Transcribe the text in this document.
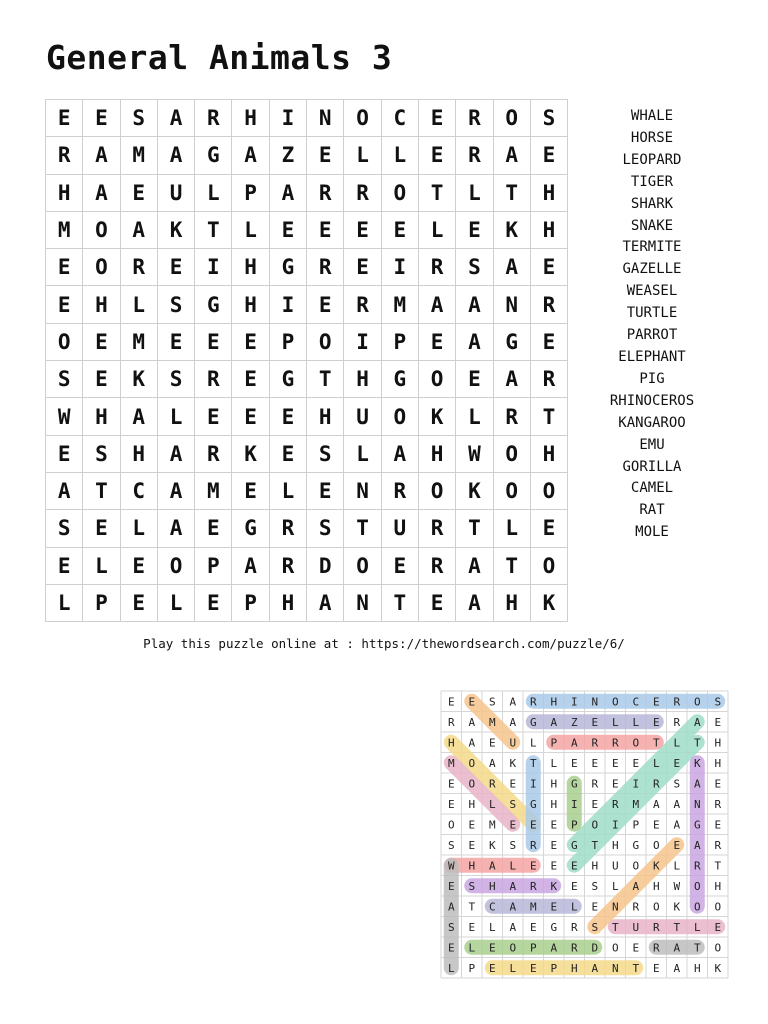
General Animals 3
E	E	S	A	R	H	I	N	O	C	E	R	O	S
R	A	M	A	G	A	Z	E	L	L	E	R	A	E
H	A	E	U	L	P	A	R	R	O	T	L	T	H
M	O	A	K	T	L	E	E	E	E	L	E	K	H
E	O	R	E	I	H	G	R	E	I	R	S	A	E
E	H	L	S	G	H	I	E	R	M	A	A	N	R
O	E	M	E	E	E	P	O	I	P	E	A	G	E
S	E	K	S	R	E	G	T	H	G	O	E	A	R
W	H	A	L	E	E	E	H	U	O	K	L	R	T
E	S	H	A	R	K	E	S	L	A	H	W	O	H
A	T	C	A	M	E	L	E	N	R	O	K	O	O
S	E	L	A	E	G	R	S	T	U	R	T	L	E
E	L	E	O	P	A	R	D	O	E	R	A	T	O
L	P	E	L	E	P	H	A	N	T	E	A	H	K
WHALE
HORSE
LEOPARD
TIGER
SHARK
SNAKE
TERMITE
GAZELLE
WEASEL
TURTLE
PARROT
ELEPHANT
PIG
RHINOCEROS
KANGAROO
EMU
GORILLA
CAMEL
RAT
MOLE
Play this puzzle online at : https://thewordsearch.com/puzzle/6/
E E S A R H I N O C E R O S
R A M A G A Z E L L E R A E
H A E U L P A R R O T L T H
M O A K T L E E E E L E K H
E O R E I H G R E I R S A E
E H L S G H I E R M A A N R
O E M E E E P O I P E A G E
S E K S R E G T H G O E A R
W H A L E E E H U O K L R T
E S H A R K E S L A H W O H
A T C A M E L E N R O K O O
S E L A E G R S T U R T L E
E L E O P A R D O E R A T O
L P E L E P H A N T E A H K
